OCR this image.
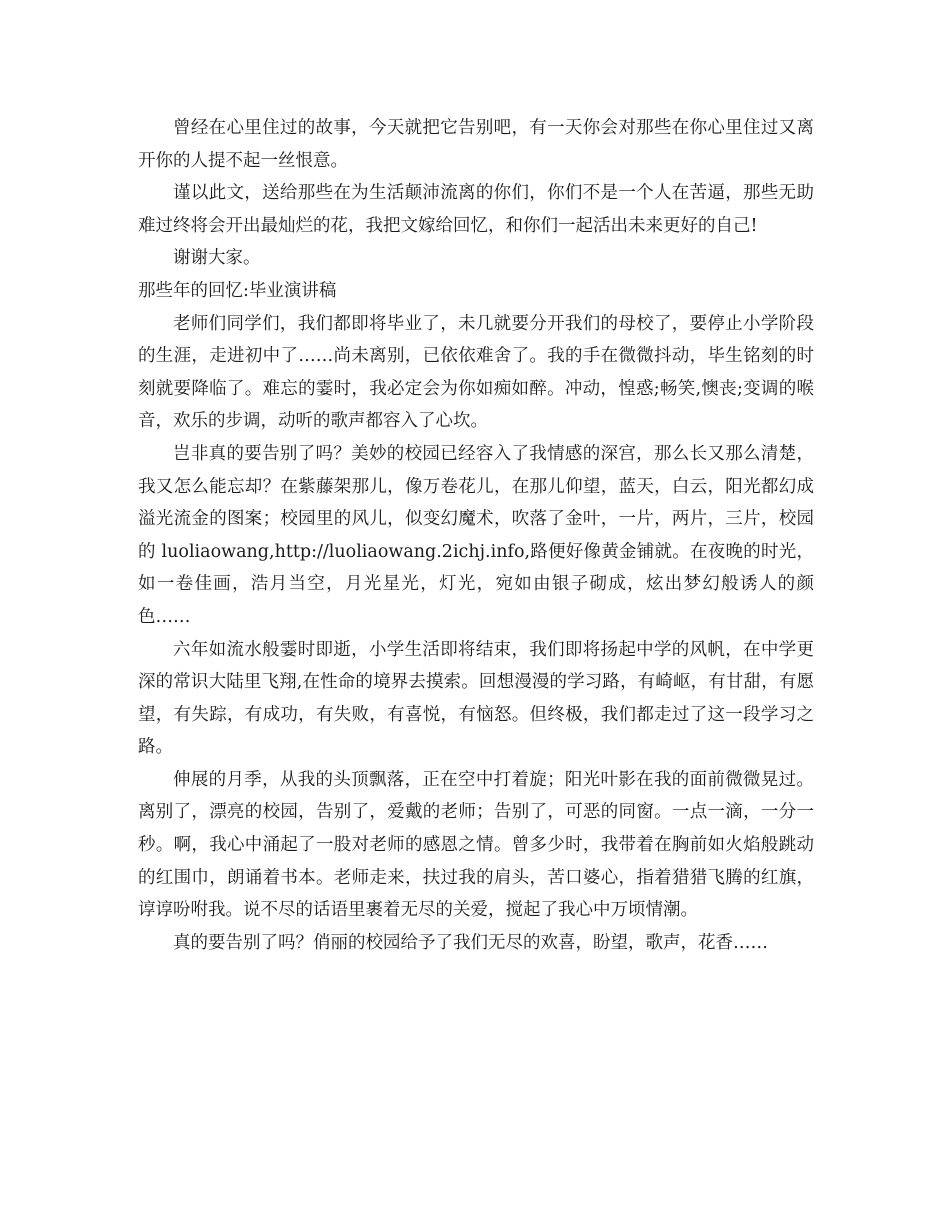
曾经在心里住过的故事，今天就把它告别吧，有一天你会对那些在你心里住过又离开你的人提不起一丝恨意。

谨以此文，送给那些在为生活颠沛流离的你们，你们不是一个人在苦逼，那些无助难过终将会开出最灿烂的花，我把文嫁给回忆，和你们一起活出未来更好的自己!

谢谢大家。

那些年的回忆:毕业演讲稿

老师们同学们，我们都即将毕业了，未几就要分开我们的母校了，要停止小学阶段的生涯，走进初中了……尚未离别，已依依难舍了。我的手在微微抖动，毕生铭刻的时刻就要降临了。难忘的霎时，我必定会为你如痴如醉。冲动，惶惑;畅笑,懊丧;变调的喉音，欢乐的步调，动听的歌声都容入了心坎。

岂非真的要告别了吗？美妙的校园已经容入了我情感的深宫，那么长又那么清楚，我又怎么能忘却？在紫藤架那儿，像万卷花儿，在那儿仰望，蓝天，白云，阳光都幻成溢光流金的图案；校园里的风儿，似变幻魔术，吹落了金叶，一片，两片，三片，校园的 luoliaowang,http://luoliaowang.2ichj.info,路便好像黄金铺就。在夜晚的时光，如一卷佳画，浩月当空，月光星光，灯光，宛如由银子砌成，炫出梦幻般诱人的颜色……

六年如流水般霎时即逝，小学生活即将结束，我们即将扬起中学的风帆，在中学更深的常识大陆里飞翔,在性命的境界去摸索。回想漫漫的学习路，有崎岖，有甘甜，有愿望，有失踪，有成功，有失败，有喜悦，有恼怒。但终极，我们都走过了这一段学习之路。

伸展的月季，从我的头顶飘落，正在空中打着旋；阳光叶影在我的面前微微晃过。离别了，漂亮的校园，告别了，爱戴的老师；告别了，可恶的同窗。一点一滴，一分一秒。啊，我心中涌起了一股对老师的感恩之情。曾多少时，我带着在胸前如火焰般跳动的红围巾，朗诵着书本。老师走来，扶过我的肩头，苦口婆心，指着猎猎飞腾的红旗，谆谆吩咐我。说不尽的话语里裹着无尽的关爱，搅起了我心中万顷情潮。

真的要告别了吗？俏丽的校园给予了我们无尽的欢喜，盼望，歌声，花香……
